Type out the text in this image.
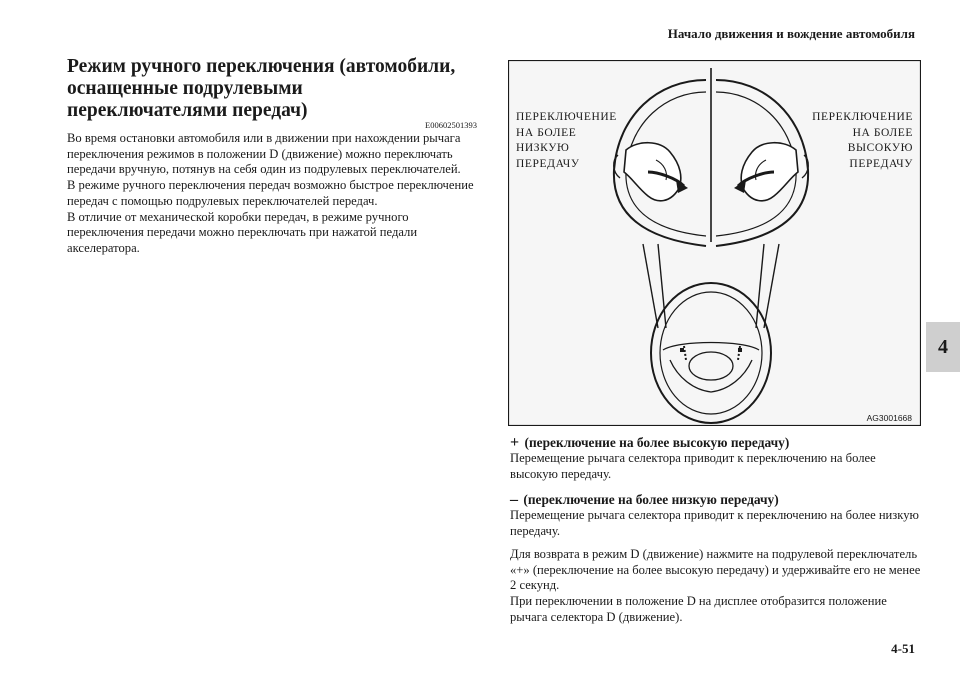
Начало движения и вождение автомобиля
4
4-51
Режим ручного переключения (автомобили, оснащенные подрулевыми переключателями передач)
E00602501393

Во время остановки автомобиля или в движении при нахождении рычага переключения режимов в положении D (движение) можно переключать передачи вручную, потянув на себя один из подрулевых переключателей.

В режиме ручного переключения передач возможно быстрое переключение передач с помощью подрулевых переключателей передач.

В отличие от механической коробки передач, в режиме ручного переключения передачи можно переключать при нажатой педали акселератора.

ПЕРЕКЛЮЧЕНИЕ
НА БОЛЕЕ
НИЗКУЮ
ПЕРЕДАЧУ
ПЕРЕКЛЮЧЕНИЕ
НА БОЛЕЕ
ВЫСОКУЮ
ПЕРЕДАЧУ
AG3001668

+ (переключение на более высокую передачу)

Перемещение рычага селектора приводит к переключению на более высокую передачу.

– (переключение на более низкую передачу)

Перемещение рычага селектора приводит к переключению на более низкую передачу.

Для возврата в режим D (движение) нажмите на подрулевой переключатель «+» (переключение на более высокую передачу) и удерживайте его не менее 2 секунд.

При переключении в положение D на дисплее отобразится положение рычага селектора D (движение).
